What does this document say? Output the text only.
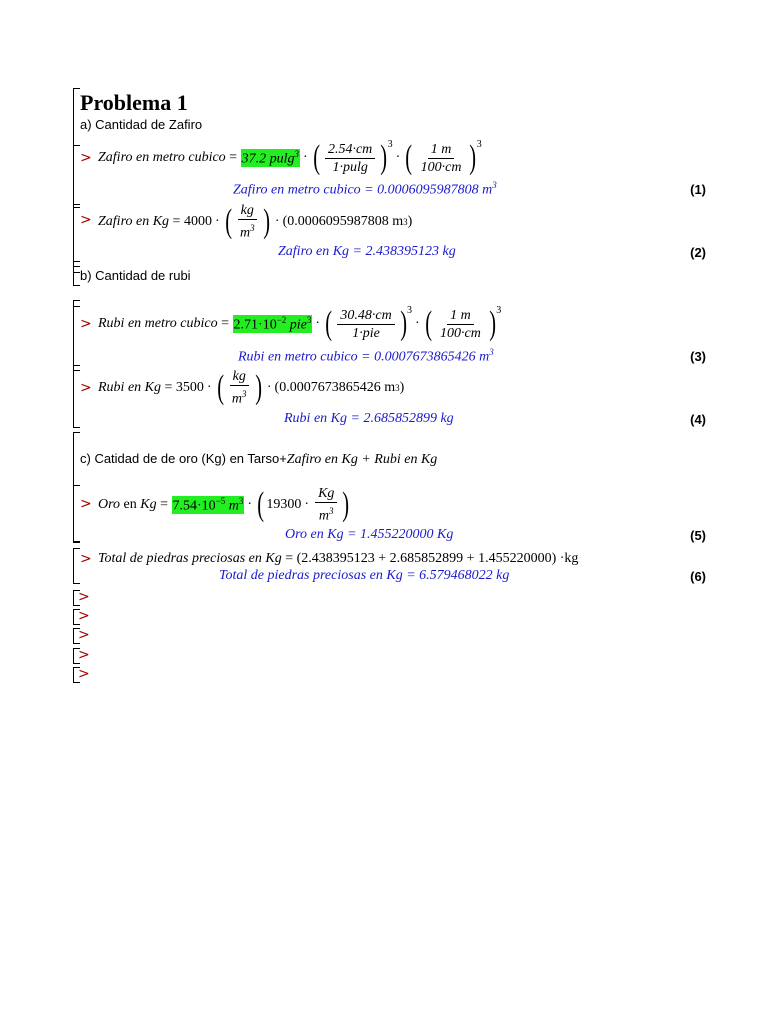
Problema 1
a) Cantidad de Zafiro
> Zafiro en metro cubico = 37.2 pulg$^3$ · ( $\frac{2.54\cdot cm}{1\cdot pulg}$ ) 3
· ( $\frac{1 m}{100\cdot cm}$ ) 3
Zafiro en metro cubico = 0.0006095987808 $m^3$	(1)
> Zafiro en Kg = 4000 · ( $\frac{kg}{m^3}$ ) · ( 0.0006095987808 m 3 )
Zafiro en Kg = 2.438395123 kg	(2)
b) Cantidad de rubi
> Rubi en metro cubico = $2.71\cdot 10^{-2}$ pie$^3$ · ( $\frac{30.48\cdot cm}{\text{1·pie}}$ ) 3
· ( $\frac{1 m}{100\cdot cm}$ ) 3
Rubi en metro cubico = 0.0007673865426 $m^3$	(3)
> Rubi en Kg = 3500 · ( $\frac{kg}{m^3}$ ) · ( 0.0007673865426 m 3 )
Rubi en Kg = 2.685852899 kg	(4)
c) Catidad de de oro (Kg) en Tarso+Zafiro en Kg + Rubi en Kg
> Oro
en
$Kg = 7.54\cdot 10^{-5}$ $m^3$ · ( $19300 \cdot \frac{Kg}{m^3}$ )
Oro en Kg = 1.455220000 Kg	(5)
> Total de piedras preciosas en Kg = (2.438395123 + 2.685852899 + 1.455220000) ·kg
Total de piedras preciosas en Kg = 6.579468022 kg	(6)
>
>
>
>
>
